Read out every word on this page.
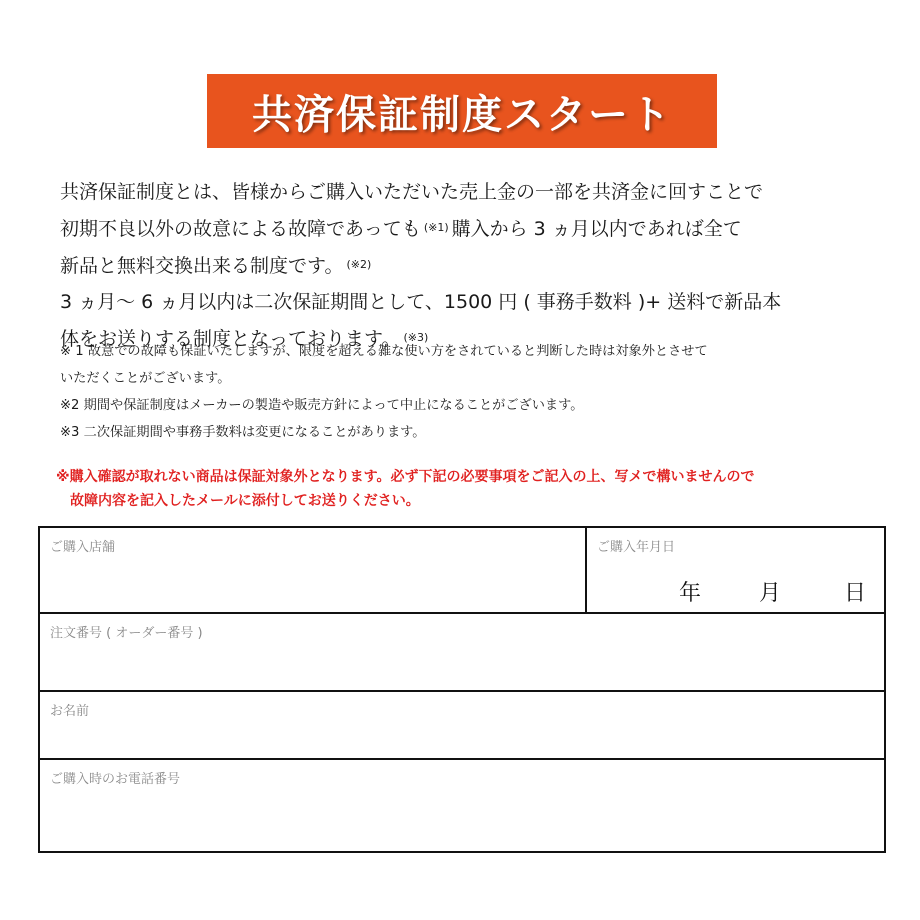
共済保証制度スタート
共済保証制度とは、皆様からご購入いただいた売上金の一部を共済金に回すことで
初期不良以外の故意による故障であっても $^{(※1)}$ 購入から 3 ヵ月以内であれば全て
新品と無料交換出来る制度です。 $^{(※2)}$
3 ヵ月〜 6 ヵ月以内は二次保証期間として、1500 円 ( 事務手数料 )+ 送料で新品本
体をお送りする制度となっております。 $^{(※3)}$
※ 1 故意での故障も保証いたしますが、限度を超える雑な使い方をされていると判断した時は対象外とさせて
いただくことがございます。
※2 期間や保証制度はメーカーの製造や販売方針によって中止になることがございます。
※3 二次保証期間や事務手数料は変更になることがあります。
※購入確認が取れない商品は保証対象外となります。必ず下記の必要事項をご記入の上、写メで構いませんので
故障内容を記入したメールに添付してお送りください。
ご購入店舗	ご購入年月日
年	月	日
注文番号 ( オーダー番号 )
お名前
ご購入時のお電話番号
